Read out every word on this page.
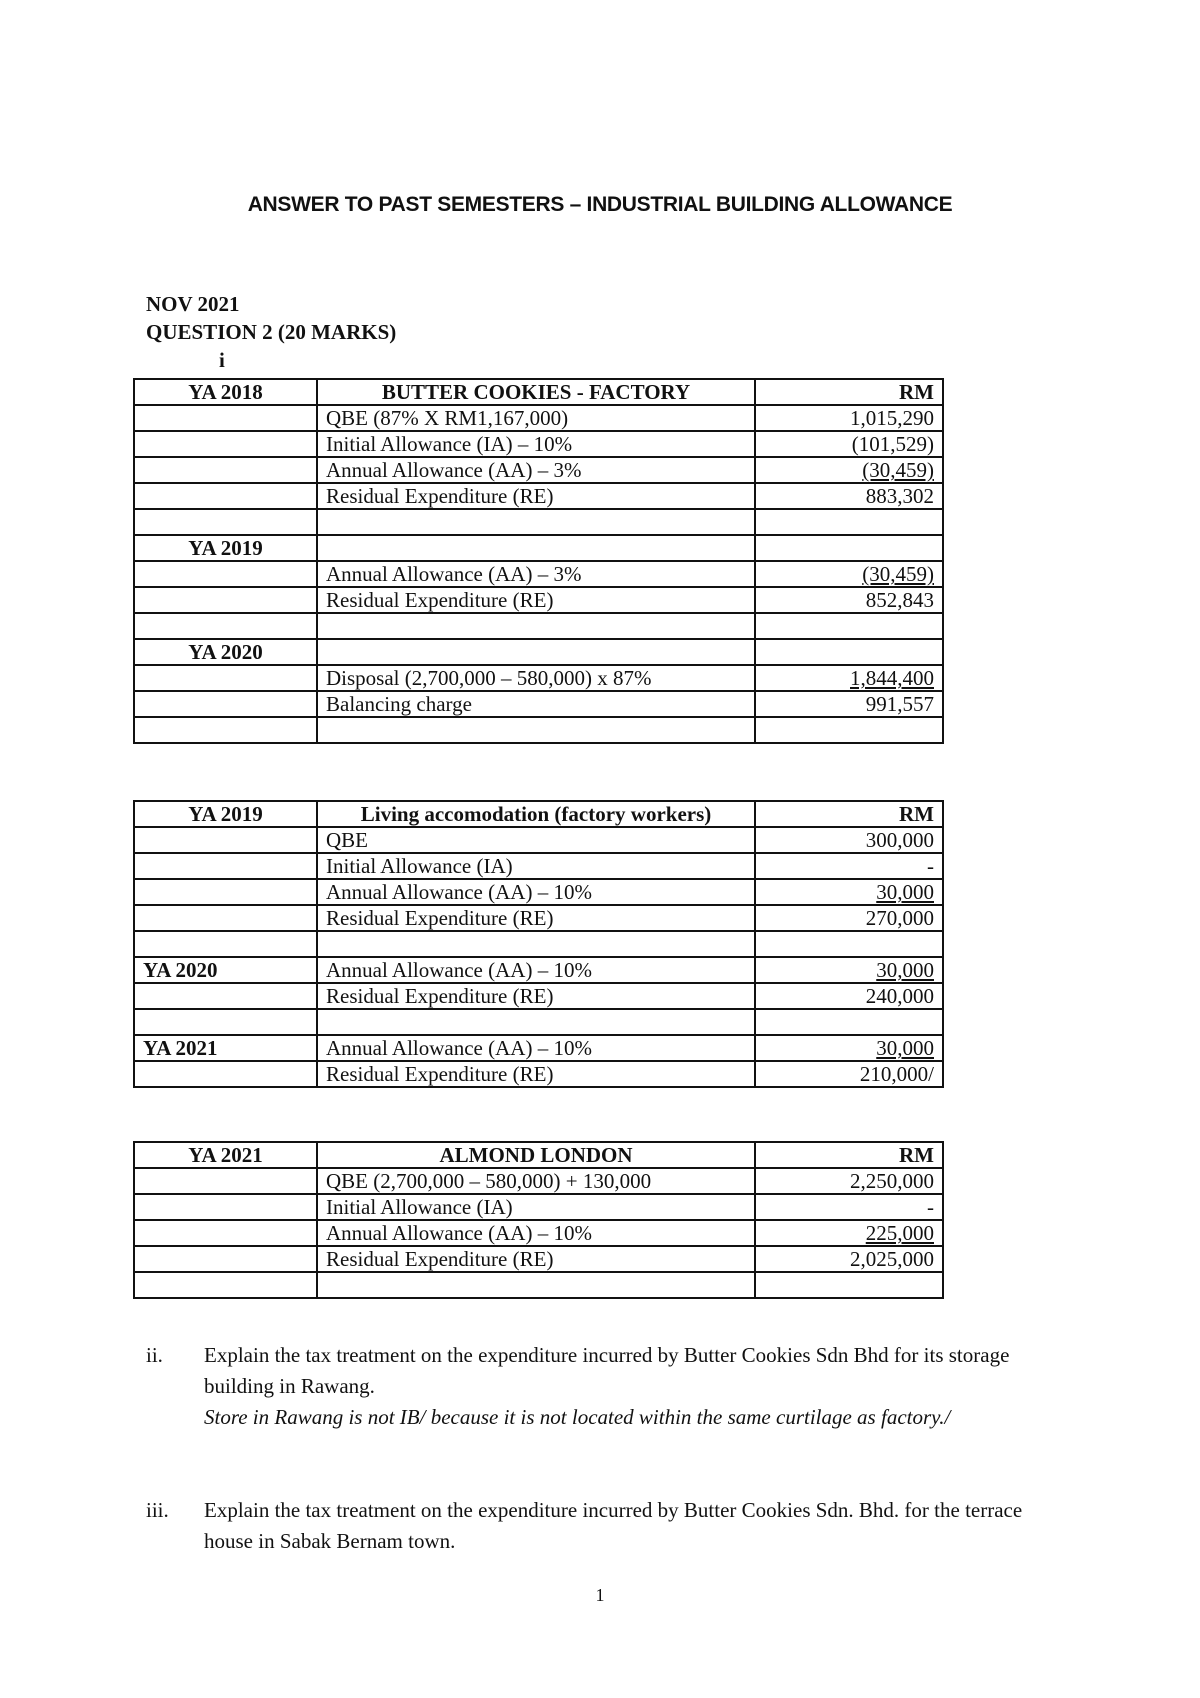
ANSWER TO PAST SEMESTERS – INDUSTRIAL BUILDING ALLOWANCE

NOV 2021

QUESTION 2 (20 MARKS)

i

YA 2018	BUTTER COOKIES - FACTORY	RM
	QBE (87% X RM1,167,000)	1,015,290
	Initial Allowance (IA) – 10%	(101,529)
	Annual Allowance (AA) – 3%	(30,459)
	Residual Expenditure (RE)	883,302

YA 2019		
	Annual Allowance (AA) – 3%	(30,459)
	Residual Expenditure (RE)	852,843

YA 2020		
	Disposal (2,700,000 – 580,000) x 87%	1,844,400
	Balancing charge	991,557

YA 2019	Living accomodation (factory workers)	RM
	QBE	300,000
	Initial Allowance (IA)	-
	Annual Allowance (AA) – 10%	30,000
	Residual Expenditure (RE)	270,000

YA 2020	Annual Allowance (AA) – 10%	30,000
	Residual Expenditure (RE)	240,000

YA 2021	Annual Allowance (AA) – 10%	30,000
	Residual Expenditure (RE)	210,000/
YA 2021	ALMOND LONDON	RM
	QBE (2,700,000 – 580,000) + 130,000	2,250,000
	Initial Allowance (IA)	-
	Annual Allowance (AA) – 10%	225,000
	Residual Expenditure (RE)	2,025,000

ii. Explain the tax treatment on the expenditure incurred by Butter Cookies Sdn Bhd for its storage building in Rawang.
Store in Rawang is not IB/ because it is not located within the same curtilage as factory./
iii. Explain the tax treatment on the expenditure incurred by Butter Cookies Sdn. Bhd. for the terrace house in Sabak Bernam town.

1
